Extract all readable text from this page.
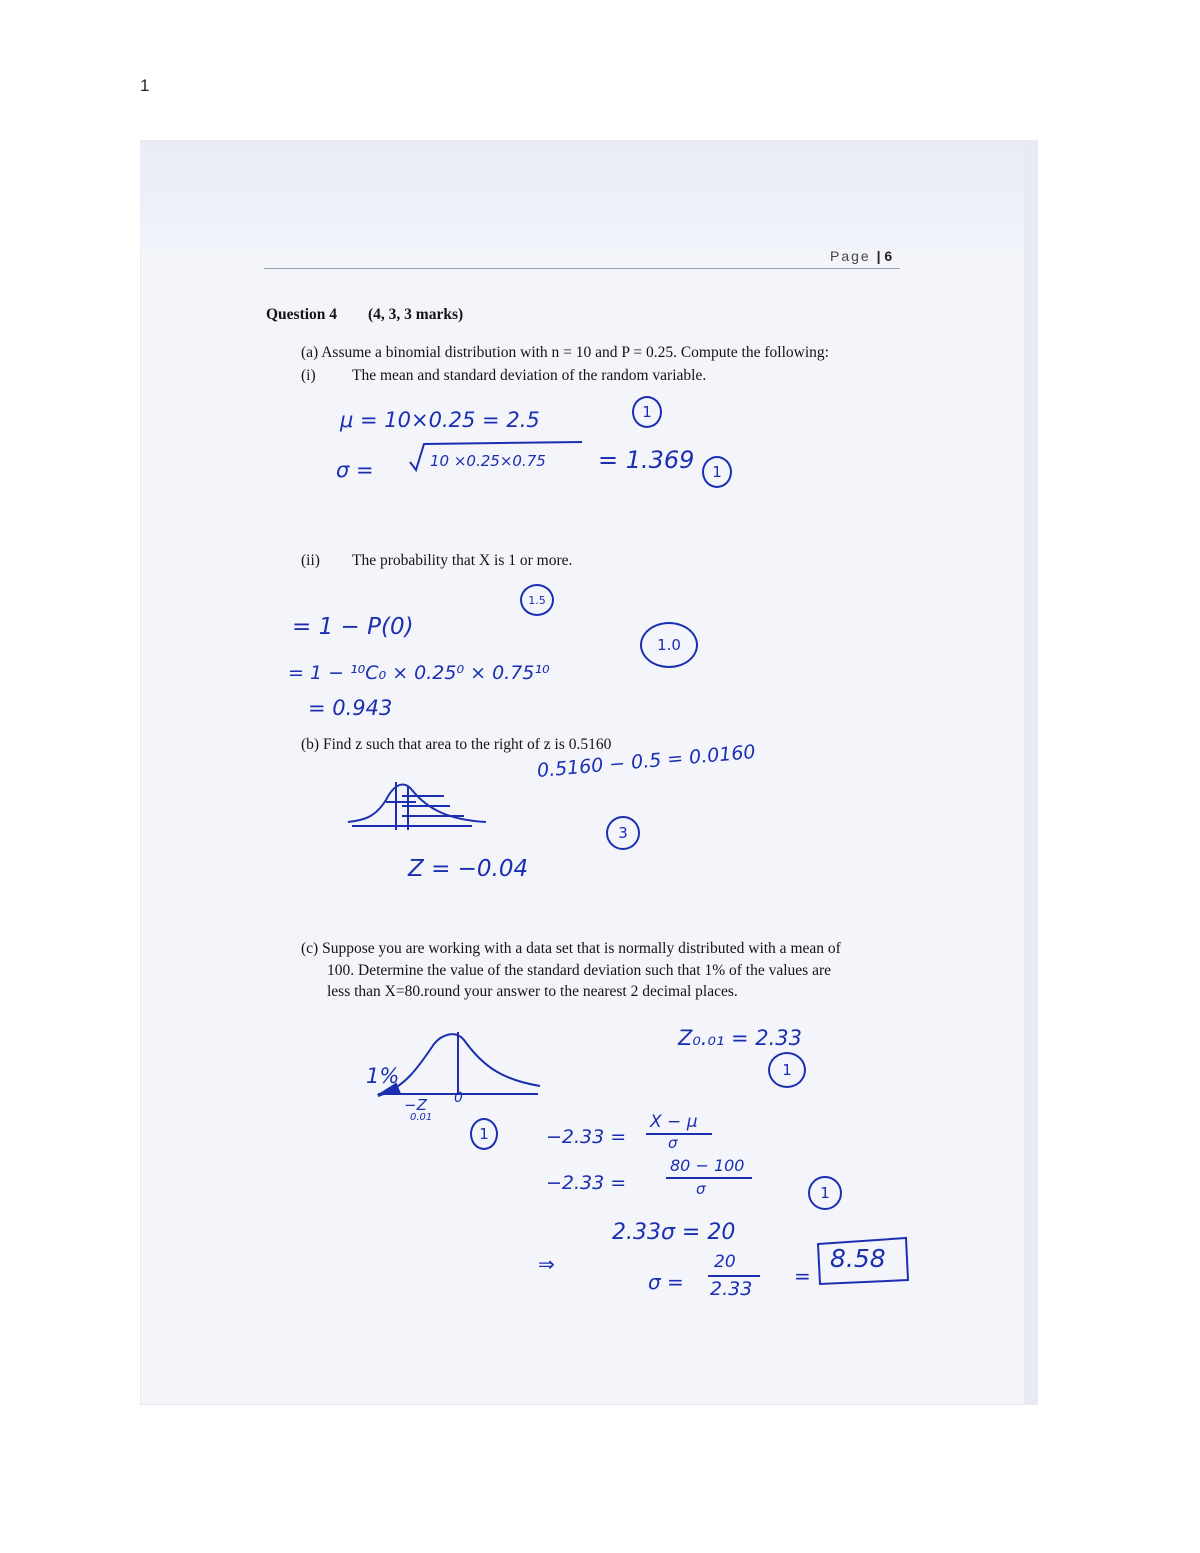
1
Page | 6
Question 4 (4, 3, 3 marks)
(a) Assume a binomial distribution with n = 10 and P = 0.25. Compute the following:
(i) The mean and standard deviation of the random variable.
μ = 10×0.25 = 2.5	1
σ =	10 ×0.25×0.75 = 1.369	1
(ii) The probability that X is 1 or more.
1.5
= 1 − P(0)
= 1 − ¹⁰C₀ × 0.25⁰ × 0.75¹⁰
1.0
= 0.943
(b) Find z such that area to the right of z is 0.5160
0.5160 − 0.5 = 0.0160
3
Z = −0.04
(c) Suppose you are working with a data set that is normally distributed with a mean of
100. Determine the value of the standard deviation such that 1% of the values are
less than X=80.round your answer to the nearest 2 decimal places.
Z₀.₀₁ = 2.33
1
1%
−Z
0.01
0
1	−2.33 =
X − μ
σ
−2.33 =
80 − 100
σ	1
⇒
2.33σ = 20
σ =
20
2.33
=
8.58
